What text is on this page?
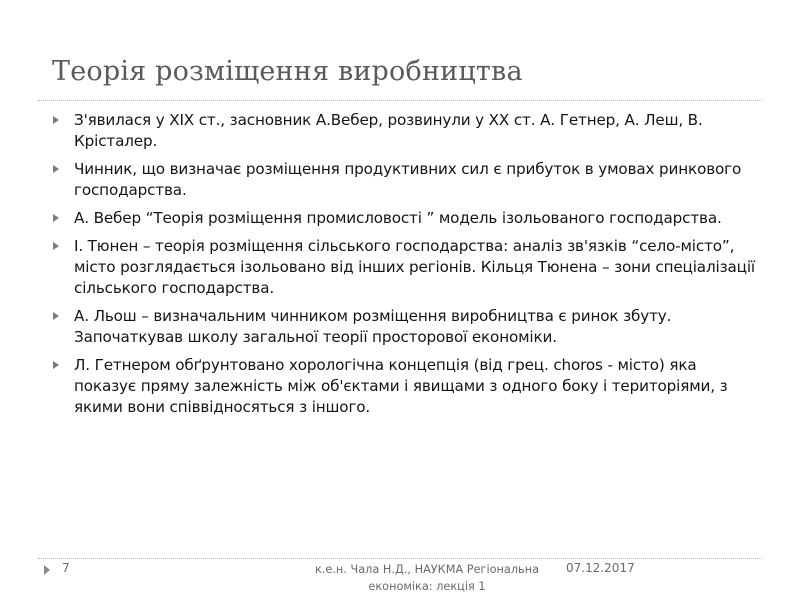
Теорія розміщення виробництва
З'явилася у ХІХ ст., засновник А.Вебер, розвинули у ХХ ст. А. Гетнер, А. Леш, В. Крісталер.
Чинник, що визначає розміщення продуктивних сил є прибуток в умовах ринкового господарства.
А. Вебер “Теорія розміщення промисловості ” модель ізольованого господарства.
І. Тюнен – теорія розміщення сільського господарства: аналіз зв'язків “село-місто”, місто розглядається ізольовано від інших регіонів. Кільця Тюнена – зони спеціалізації сільського господарства.
А. Льош – визначальним чинником розміщення виробництва є ринок збуту. Започаткував школу загальної теорії просторової економіки.
Л. Гетнером обґрунтовано хорологічна концепція (від грец. choros - місто) яка показує пряму залежність між об'єктами і явищами з одного боку і територіями, з якими вони співвідносяться з іншого.
7	к.е.н. Чала Н.Д., НАУКМА Регіональна економіка: лекція 1
07.12.2017
